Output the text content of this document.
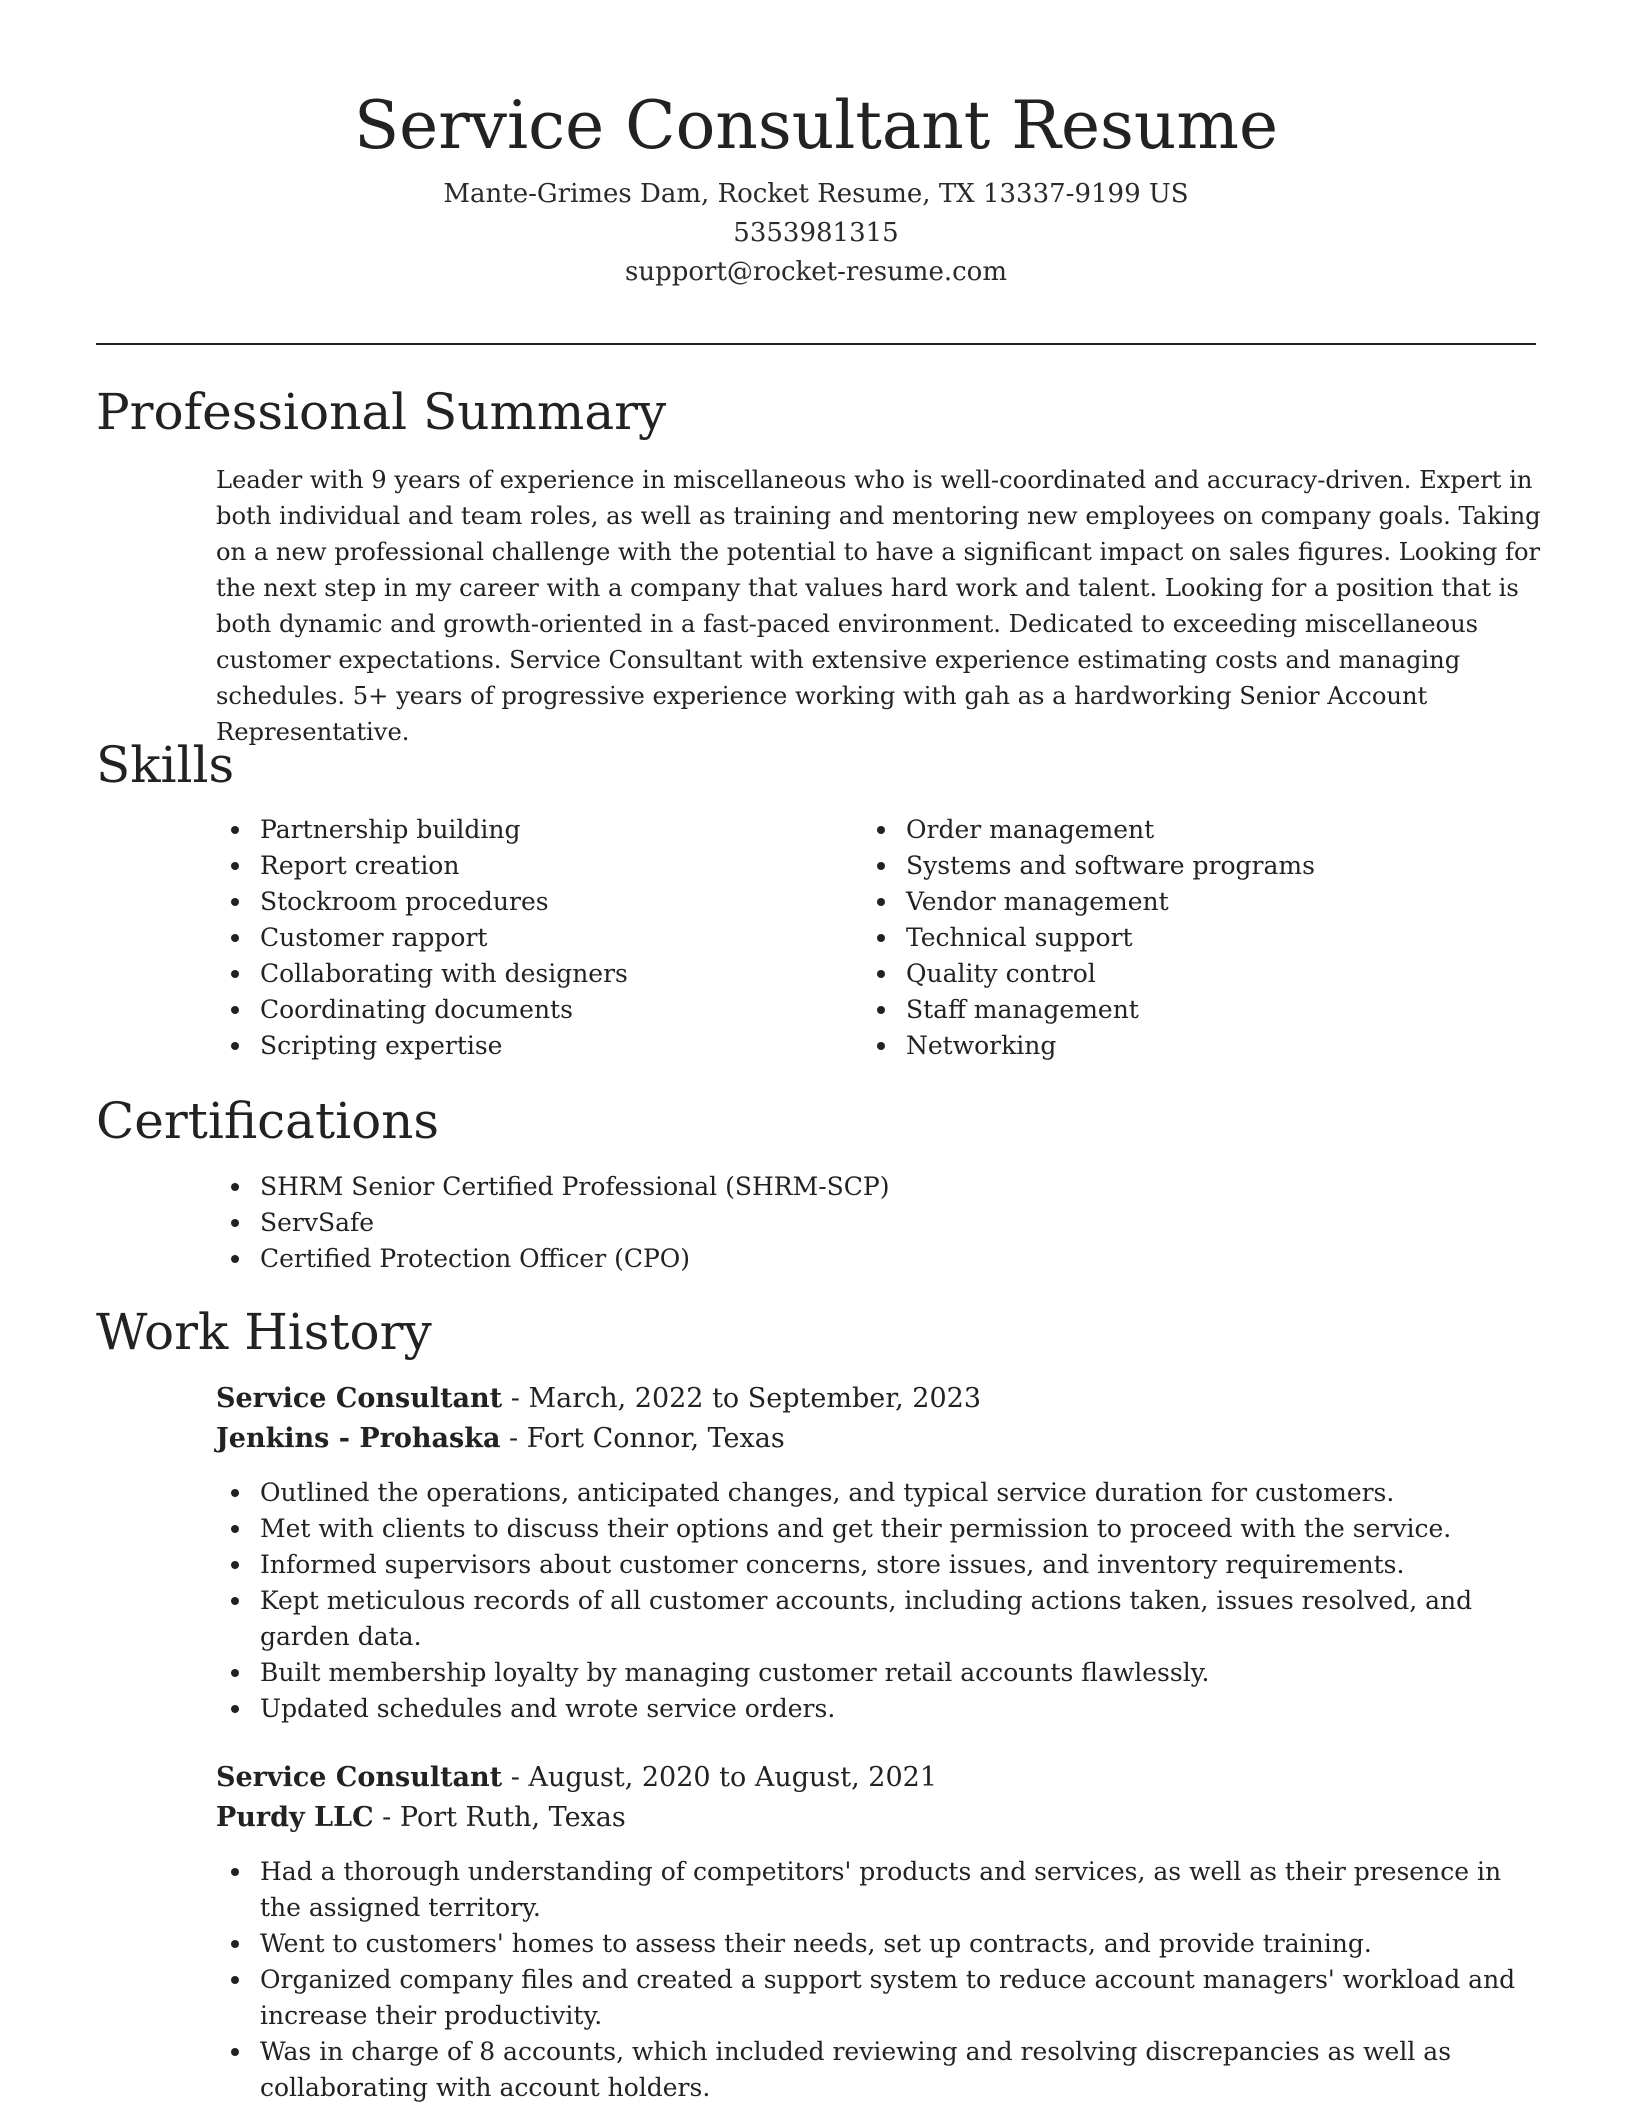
Service Consultant Resume
Mante-Grimes Dam, Rocket Resume, TX 13337-9199 US
5353981315
support@rocket-resume.com
Professional Summary
Leader with 9 years of experience in miscellaneous who is well-coordinated and accuracy-driven. Expert in both individual and team roles, as well as training and mentoring new employees on company goals. Taking on a new professional challenge with the potential to have a significant impact on sales figures. Looking for the next step in my career with a company that values hard work and talent. Looking for a position that is both dynamic and growth-oriented in a fast-paced environment. Dedicated to exceeding miscellaneous customer expectations. Service Consultant with extensive experience estimating costs and managing schedules. 5+ years of progressive experience working with gah as a hardworking Senior Account Representative.
Skills
Partnership building
Report creation
Stockroom procedures
Customer rapport
Collaborating with designers
Coordinating documents
Scripting expertise
Order management
Systems and software programs
Vendor management
Technical support
Quality control
Staff management
Networking
Certifications
SHRM Senior Certified Professional (SHRM-SCP)
ServSafe
Certified Protection Officer (CPO)
Work History
Service Consultant - March, 2022 to September, 2023
Jenkins - Prohaska - Fort Connor, Texas
Outlined the operations, anticipated changes, and typical service duration for customers.
Met with clients to discuss their options and get their permission to proceed with the service.
Informed supervisors about customer concerns, store issues, and inventory requirements.
Kept meticulous records of all customer accounts, including actions taken, issues resolved, and garden data.
Built membership loyalty by managing customer retail accounts flawlessly.
Updated schedules and wrote service orders.
Service Consultant - August, 2020 to August, 2021
Purdy LLC - Port Ruth, Texas
Had a thorough understanding of competitors' products and services, as well as their presence in the assigned territory.
Went to customers' homes to assess their needs, set up contracts, and provide training.
Organized company files and created a support system to reduce account managers' workload and increase their productivity.
Was in charge of 8 accounts, which included reviewing and resolving discrepancies as well as collaborating with account holders.
